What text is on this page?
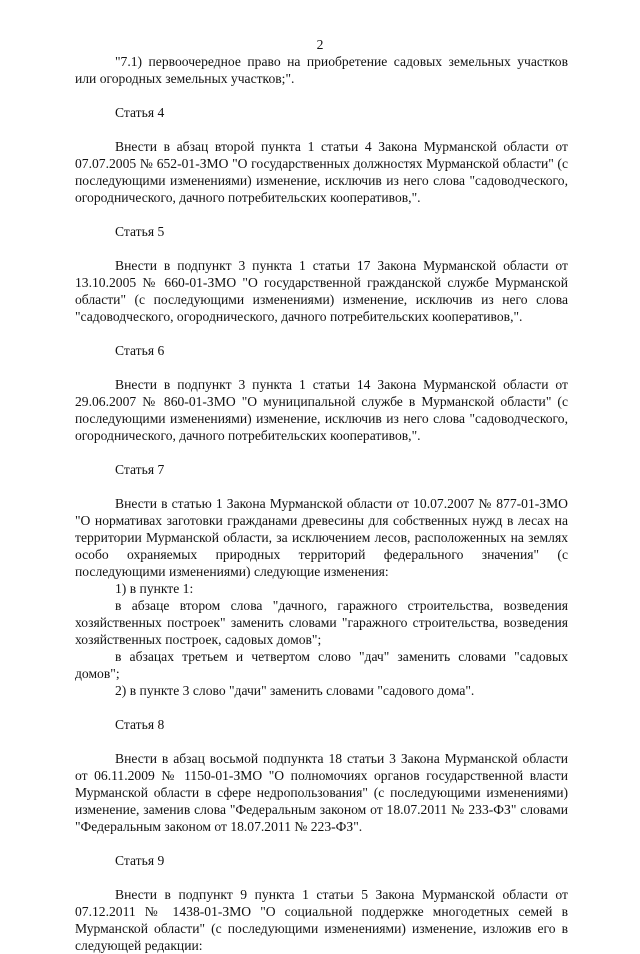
2

"7.1) первоочередное право на приобретение садовых земельных участков или огородных земельных участков;".

Статья 4

Внести в абзац второй пункта 1 статьи 4 Закона Мурманской области от 07.07.2005 № 652-01-ЗМО "О государственных должностях Мурманской области" (с последующими изменениями) изменение, исключив из него слова "садоводческого, огороднического, дачного потребительских кооперативов,".

Статья 5

Внести в подпункт 3 пункта 1 статьи 17 Закона Мурманской области от 13.10.2005 № 660-01-ЗМО "О государственной гражданской службе Мурманской области" (с последующими изменениями) изменение, исключив из него слова "садоводческого, огороднического, дачного потребительских кооперативов,".

Статья 6

Внести в подпункт 3 пункта 1 статьи 14 Закона Мурманской области от 29.06.2007 № 860-01-ЗМО "О муниципальной службе в Мурманской области" (с последующими изменениями) изменение, исключив из него слова "садоводческого, огороднического, дачного потребительских кооперативов,".

Статья 7

Внести в статью 1 Закона Мурманской области от 10.07.2007 № 877-01-ЗМО "О нормативах заготовки гражданами древесины для собственных нужд в лесах на территории Мурманской области, за исключением лесов, расположенных на землях особо охраняемых природных территорий федерального значения" (с последующими изменениями) следующие изменения:

1) в пункте 1:

в абзаце втором слова "дачного, гаражного строительства, возведения хозяйственных построек" заменить словами "гаражного строительства, возведения хозяйственных построек, садовых домов";

в абзацах третьем и четвертом слово "дач" заменить словами "садовых домов";

2) в пункте 3 слово "дачи" заменить словами "садового дома".

Статья 8

Внести в абзац восьмой подпункта 18 статьи 3 Закона Мурманской области от 06.11.2009 № 1150-01-ЗМО "О полномочиях органов государственной власти Мурманской области в сфере недропользования" (с последующими изменениями) изменение, заменив слова "Федеральным законом от 18.07.2011 № 233-ФЗ" словами "Федеральным законом от 18.07.2011 № 223-ФЗ".

Статья 9

Внести в подпункт 9 пункта 1 статьи 5 Закона Мурманской области от 07.12.2011 № 1438-01-ЗМО "О социальной поддержке многодетных семей в Мурманской области" (с последующими изменениями) изменение, изложив его в следующей редакции:
